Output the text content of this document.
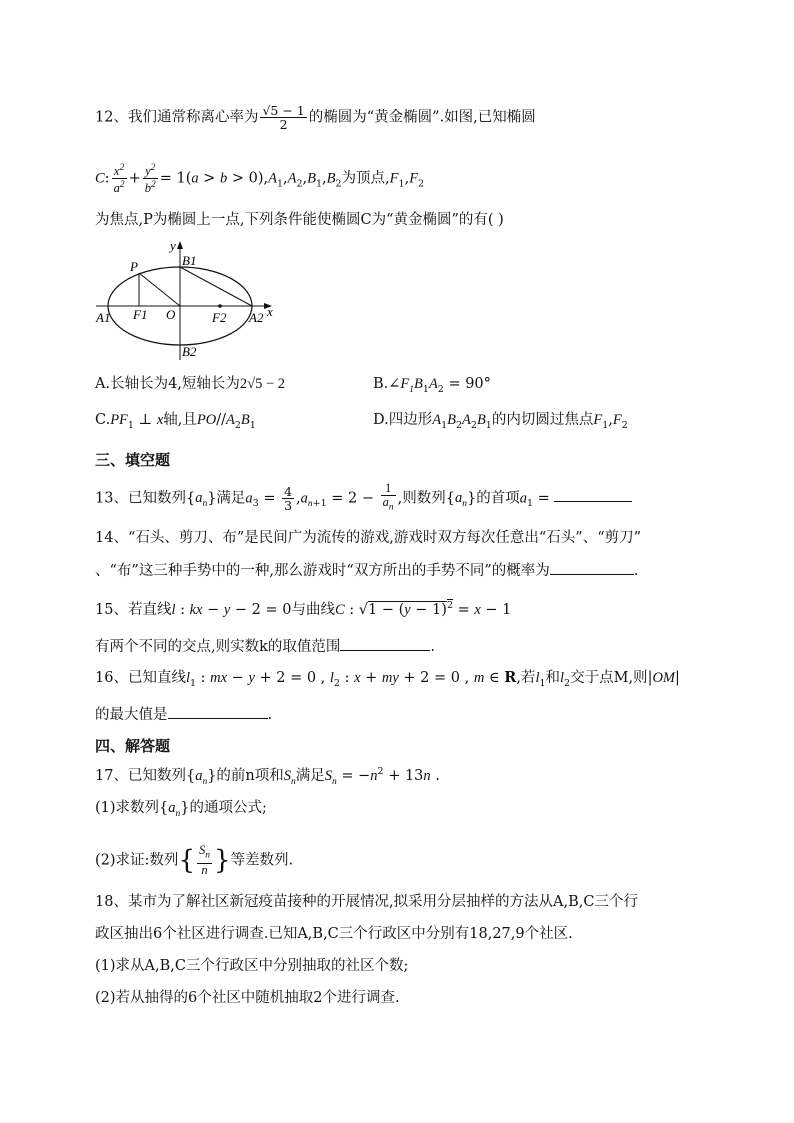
12、我们通常称离心率为 $\frac{√5 - 1}{2}$ 的椭圆为“黄金椭圆”.如图,已知椭圆
C: $\frac{x^2}{a^2} + \frac{y^2}{b^2} = 1(a > b > 0),A_1,A_2,B_1,B_2$为顶点$,F_1,F_2$
为焦点,P为椭圆上一点,下列条件能使椭圆C为“黄金椭圆”的有( )
y
B1
P
F1 O	F2 A2 x
A1
B2
A.长轴长为4,短轴长为2√5 − 2	$B.\angle F_1B_1A_2 = 90^\circ$
$C.PF_1$ ⊥ x轴,且$PO//A_2B_1$	D.四边形$A_1B_2A_2B_1$的内切圆过焦点$F_1,F_2$
三、填空题
13、已知数列$\{a_n\}$满足$a_3 = \frac{4}{3} ,a_{n+1} = 2 - \frac{1}{a_n}$ ,则数列$\{a_n\}$的首项$a_1$ =
14、“石头、剪刀、布”是民间广为流传的游戏,游戏时双方每次任意出“石头”、“剪刀”
、“布”这三种手势中的一种,那么游戏时“双方所出的手势不同”的概率为	.
15、若直线l : kx − y − 2 = 0与曲线C : $√1 - (y - 1)^2 = x - 1$
有两个不同的交点,则实数k的取值范围	.
16、已知直线$l_1$ : mx − y + 2 = 0 , $l_2$ : x + my + 2 = 0 , m ∈ R,若$l_1$和$l_2$交于点M,则|OM|
的最大值是	.
四、解答题
17、已知数列$\{a_n\}$的前n项和$S_n$满足$S_n = -n^2 + 13n$ .
(1)求数列$\{a_n\}$的通项公式;
(2)求证:数列{ $\frac{S_n}{n}$ }等差数列.
18、某市为了解社区新冠疫苗接种的开展情况,拟采用分层抽样的方法从A,B,C三个行
政区抽出6个社区进行调查.已知A,B,C三个行政区中分别有18,27,9个社区.
(1)求从A,B,C三个行政区中分别抽取的社区个数;
(2)若从抽得的6个社区中随机抽取2个进行调查.
